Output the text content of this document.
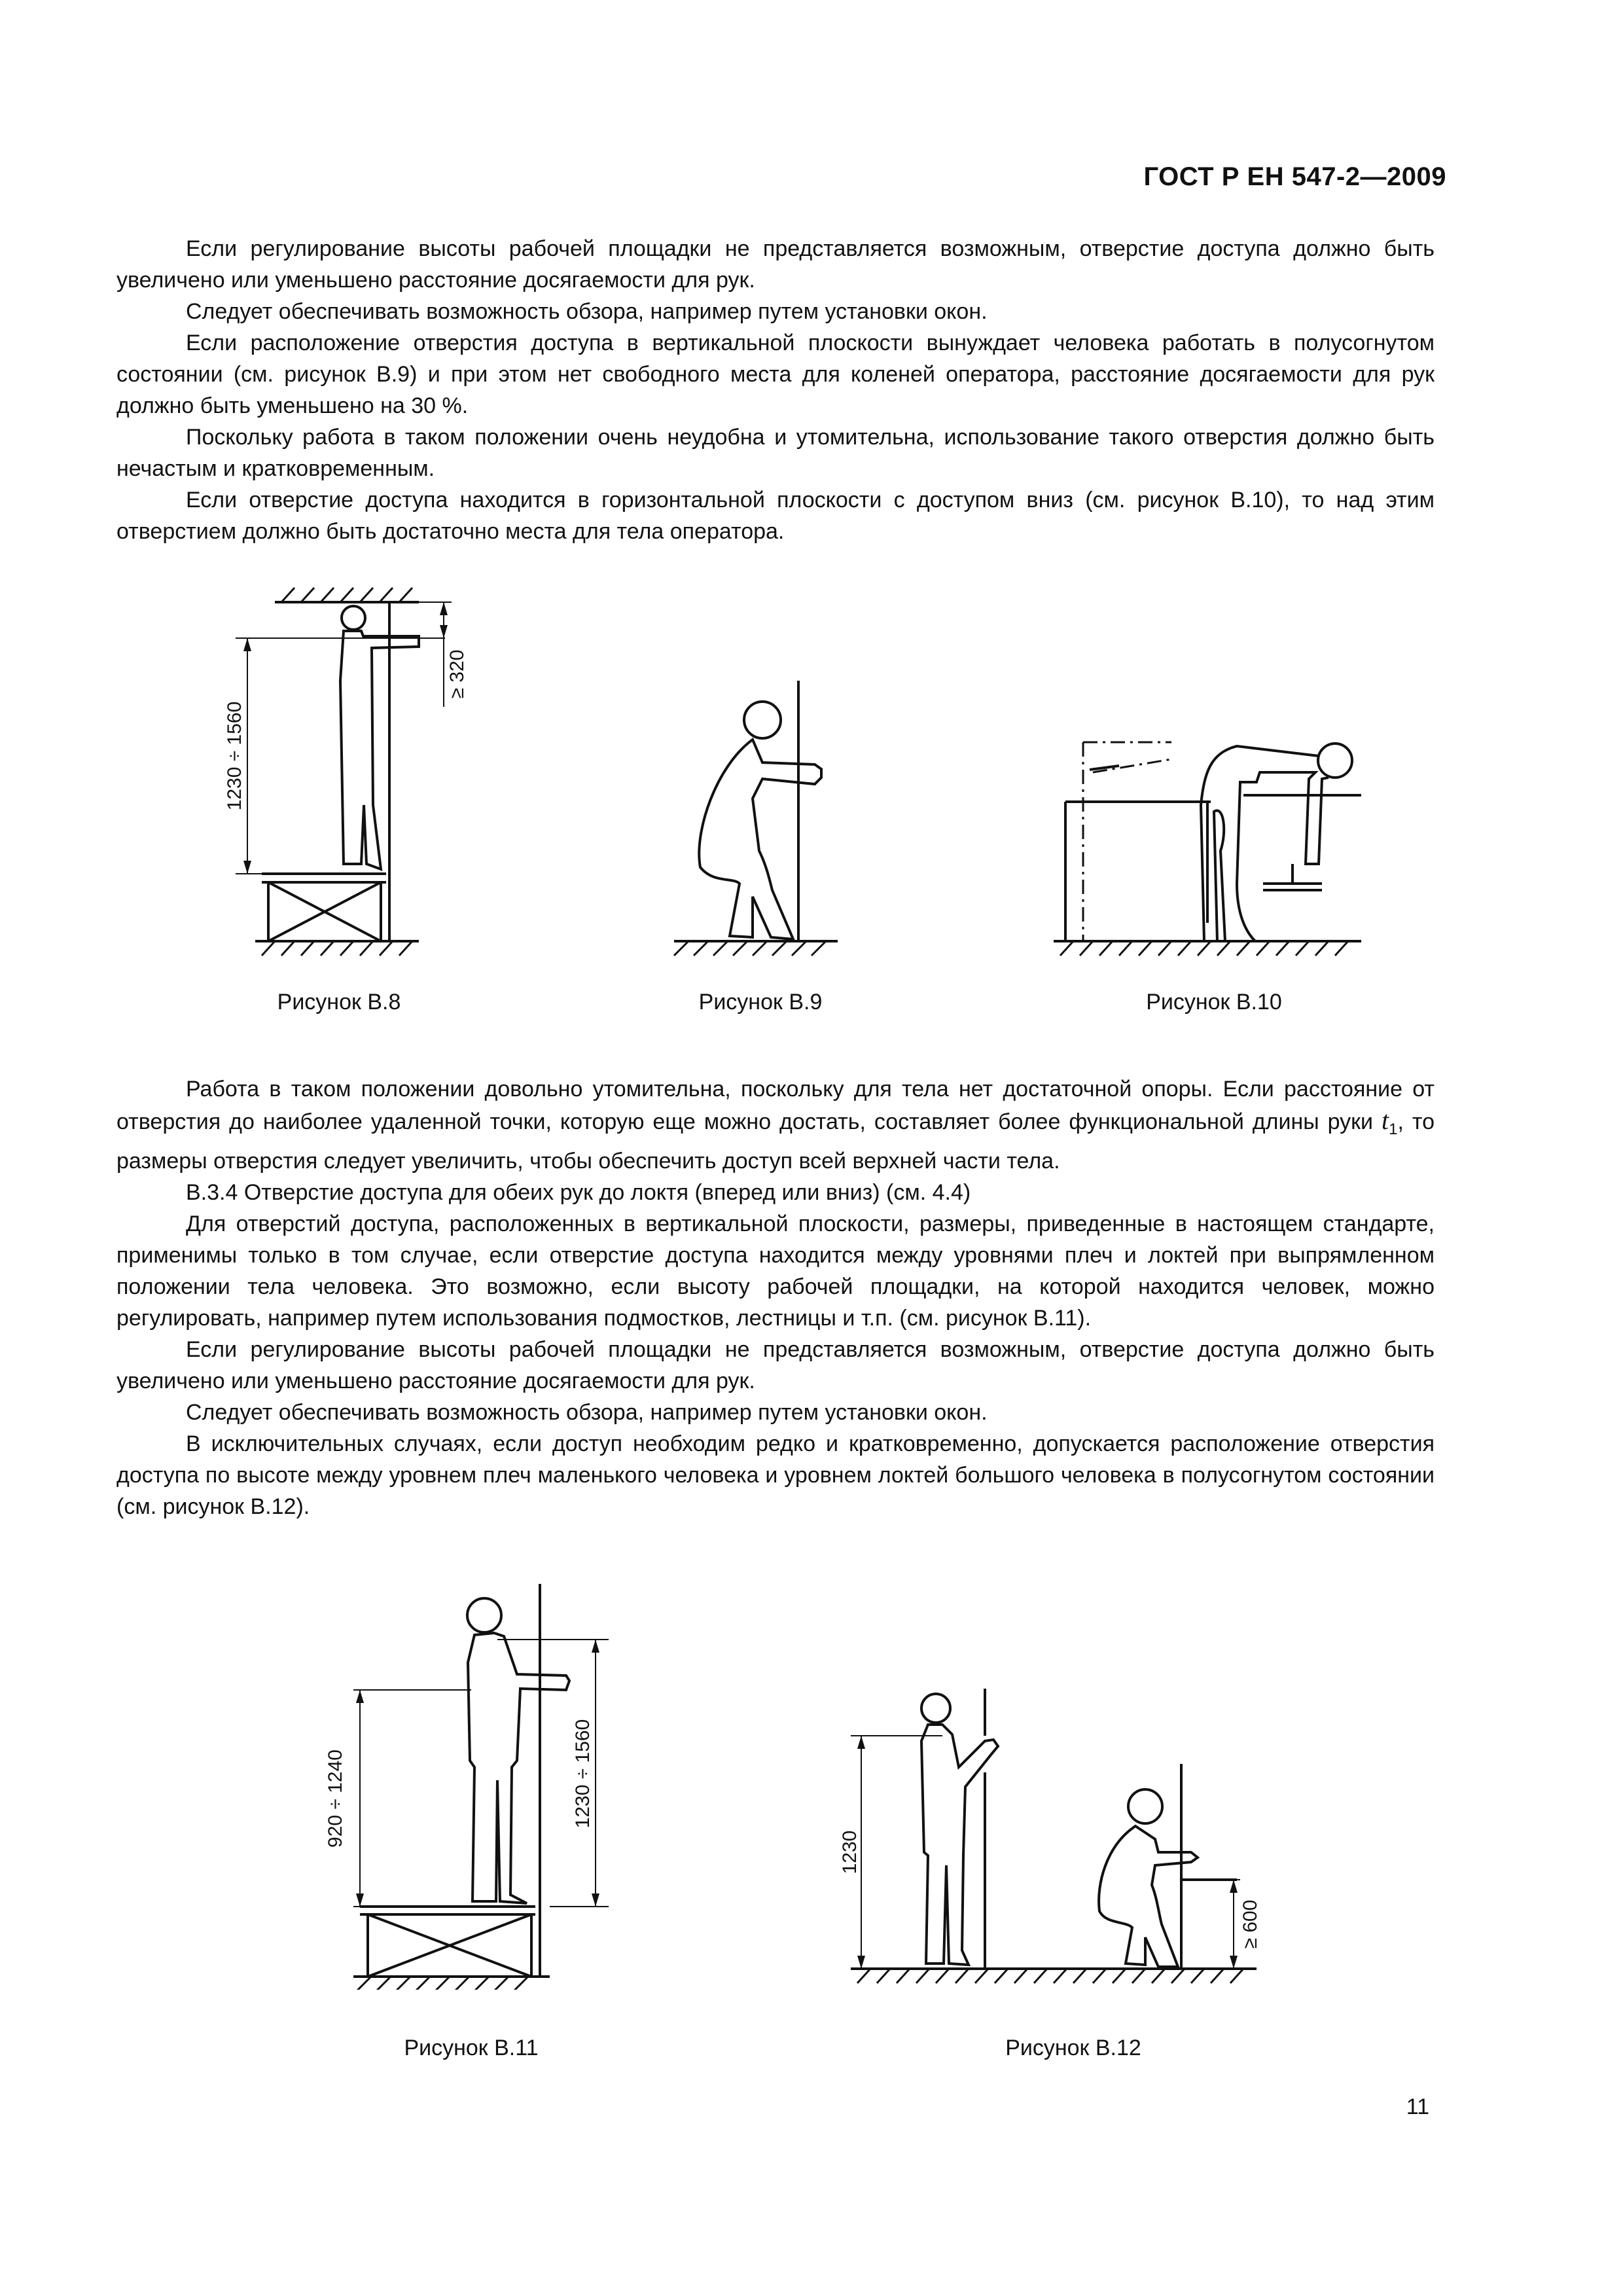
ГОСТ Р ЕН 547-2—2009

Если регулирование высоты рабочей площадки не представляется возможным, отверстие доступа должно быть увеличено или уменьшено расстояние досягаемости для рук.

Следует обеспечивать возможность обзора, например путем установки окон.

Если расположение отверстия доступа в вертикальной плоскости вынуждает человека работать в полусогнутом состоянии (см. рисунок В.9) и при этом нет свободного места для коленей оператора, расстояние досягаемости для рук должно быть уменьшено на 30 %.

Поскольку работа в таком положении очень неудобна и утомительна, использование такого отверстия должно быть нечастым и кратковременным.

Если отверстие доступа находится в горизонтальной плоскости с доступом вниз (см. рисунок В.10), то над этим отверстием должно быть достаточно места для тела оператора.

1230 ÷ 1560
≥ 320
Рисунок В.8	Рисунок В.9	Рисунок В.10

Работа в таком положении довольно утомительна, поскольку для тела нет достаточной опоры. Если расстояние от отверстия до наиболее удаленной точки, которую еще можно достать, составляет более функциональной длины руки $t_1$, то размеры отверстия следует увеличить, чтобы обеспечить доступ всей верхней части тела.

В.3.4 Отверстие доступа для обеих рук до локтя (вперед или вниз) (см. 4.4)

Для отверстий доступа, расположенных в вертикальной плоскости, размеры, приведенные в настоящем стандарте, применимы только в том случае, если отверстие доступа находится между уровнями плеч и локтей при выпрямленном положении тела человека. Это возможно, если высоту рабочей площадки, на которой находится человек, можно регулировать, например путем использования подмостков, лестницы и т.п. (см. рисунок В.11).

Если регулирование высоты рабочей площадки не представляется возможным, отверстие доступа должно быть увеличено или уменьшено расстояние досягаемости для рук.

Следует обеспечивать возможность обзора, например путем установки окон.

В исключительных случаях, если доступ необходим редко и кратковременно, допускается расположение отверстия доступа по высоте между уровнем плеч маленького человека и уровнем локтей большого человека в полусогнутом состоянии (см. рисунок В.12).

920 ÷ 1240	1230 ÷ 1560
1230
≥ 600
Рисунок В.11	Рисунок В.12
11
